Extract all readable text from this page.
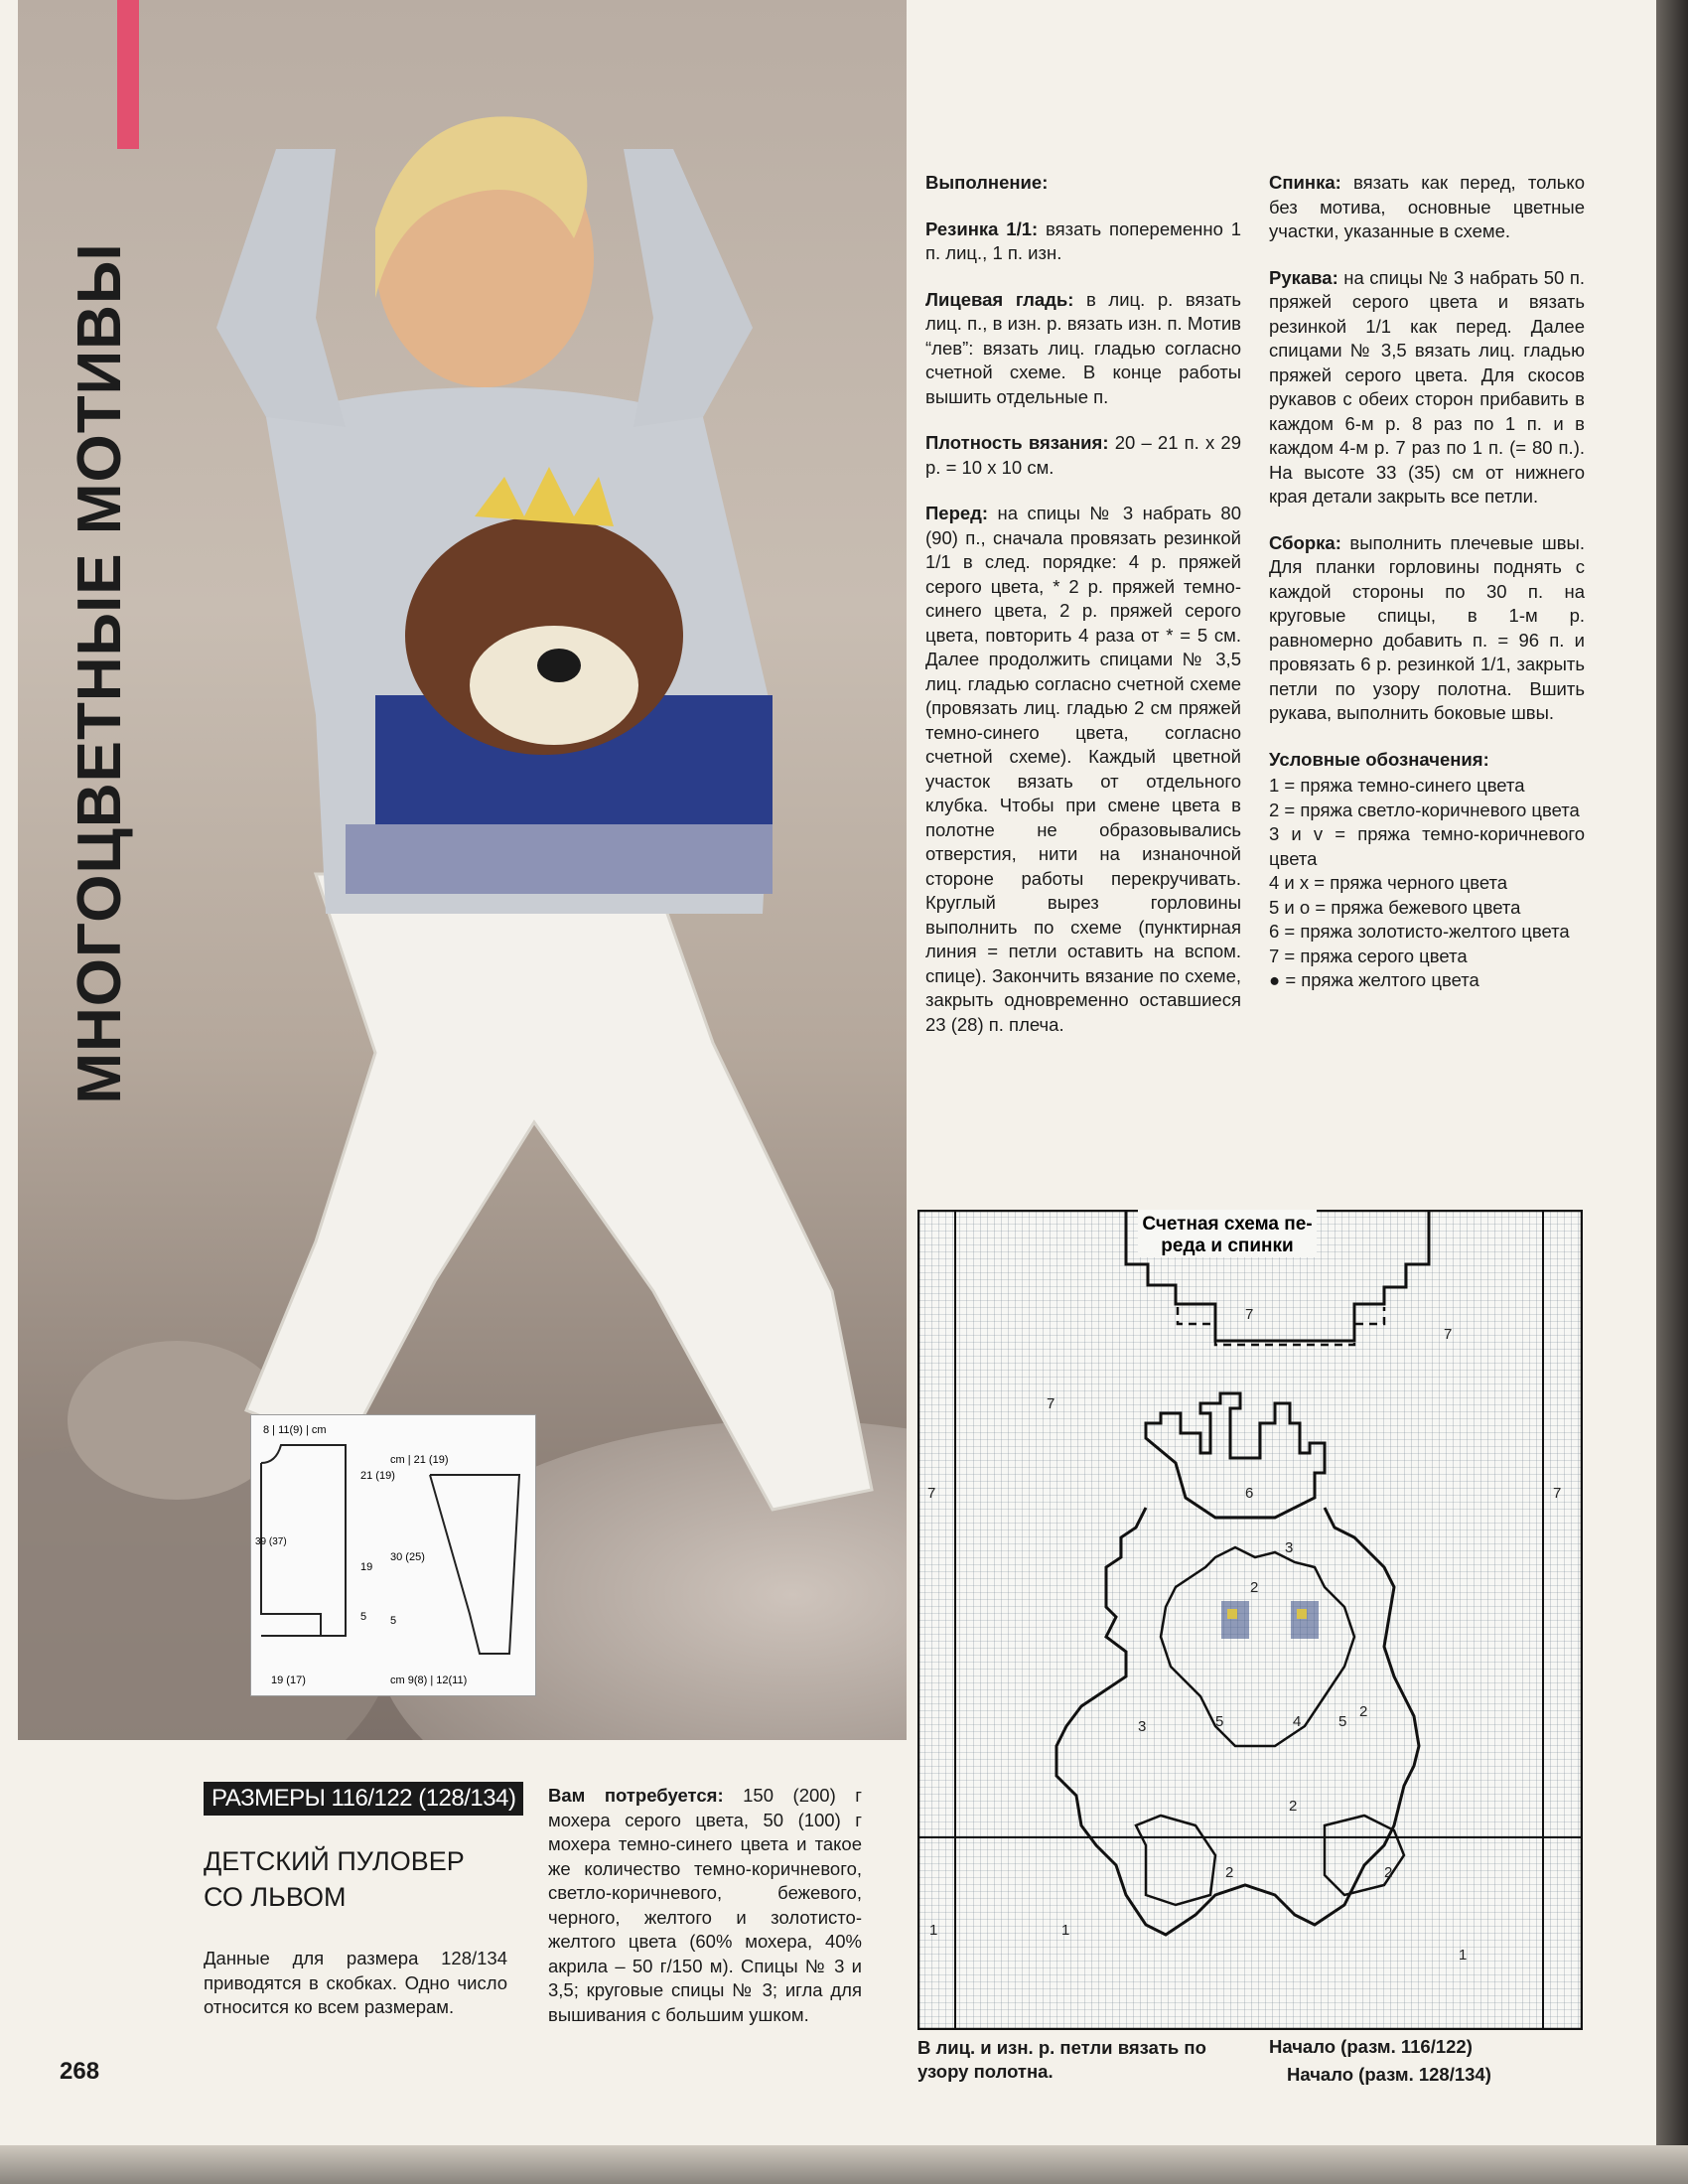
МНОГОЦВЕТНЫЕ МОТИВЫ
8 | 11(9) | cm
21 (19)
19
5
19 (17)
39 (37)
cm | 21 (19)
30 (25)
5
cm 9(8) | 12(11)

Выполнение:

Резинка 1/1: вязать попеременно 1 п. лиц., 1 п. изн.

Лицевая гладь: в лиц. р. вязать лиц. п., в изн. р. вязать изн. п. Мотив “лев”: вязать лиц. гладью согласно счетной схеме. В конце работы вышить отдельные п.

Плотность вязания: 20 – 21 п. x 29 р. = 10 x 10 см.

Перед: на спицы № 3 набрать 80 (90) п., сначала провязать резинкой 1/1 в след. порядке: 4 р. пряжей серого цвета, * 2 р. пряжей темно-синего цвета, 2 р. пряжей серого цвета, повторить 4 раза от * = 5 см. Далее продолжить спицами № 3,5 лиц. гладью согласно счетной схеме (провязать лиц. гладью 2 см пряжей темно-синего цвета, согласно счетной схеме). Каждый цветной участок вязать от отдельного клубка. Чтобы при смене цвета в полотне не образовывались отверстия, нити на изнаночной стороне работы перекручивать. Круглый вырез горловины выполнить по схеме (пунктирная линия = петли оставить на вспом. спице). Закончить вязание по схеме, закрыть одновременно оставшиеся 23 (28) п. плеча.

Спинка: вязать как перед, только без мотива, основные цветные участки, указанные в схеме.

Рукава: на спицы № 3 набрать 50 п. пряжей серого цвета и вязать резинкой 1/1 как перед. Далее спицами № 3,5 вязать лиц. гладью пряжей серого цвета. Для скосов рукавов с обеих сторон прибавить в каждом 6-м р. 8 раз по 1 п. и в каждом 4-м р. 7 раз по 1 п. (= 80 п.). На высоте 33 (35) см от нижнего края детали закрыть все петли.

Сборка: выполнить плечевые швы. Для планки горловины поднять с каждой стороны по 30 п. на круговые спицы, в 1-м р. равномерно добавить п. = 96 п. и провязать 6 р. резинкой 1/1, закрыть петли по узору полотна. Вшить рукава, выполнить боковые швы.

Условные обозначения:
1 = пряжа темно-синего цвета
2 = пряжа светло-коричневого цвета
3 и v = пряжа темно-коричневого цвета
4 и x = пряжа черного цвета
5 и o = пряжа бежевого цвета
6 = пряжа золотисто-желтого цвета
7 = пряжа серого цвета
● = пряжа желтого цвета
Счетная схема пе-
реда и спинки
7
7
7
7	7
6
3
3
2
2
5	4	5
2
2	2
1	1
1
В лиц. и изн. р. петли вязать по узору полотна.
Начало (разм. 116/122)
Начало (разм. 128/134)
РАЗМЕРЫ 116/122 (128/134)
ДЕТСКИЙ ПУЛОВЕР
СО ЛЬВОМ
Данные для размера 128/134 приводятся в скобках. Одно число относится ко всем размерам.
Вам потребуется: 150 (200) г мохера серого цвета, 50 (100) г мохера темно-синего цвета и такое же количество темно-коричневого, светло-коричневого, бежевого, черного, желтого и золотисто-желтого цвета (60% мохера, 40% акрила – 50 г/150 м). Спицы № 3 и 3,5; круговые спицы № 3; игла для вышивания с большим ушком.
268
